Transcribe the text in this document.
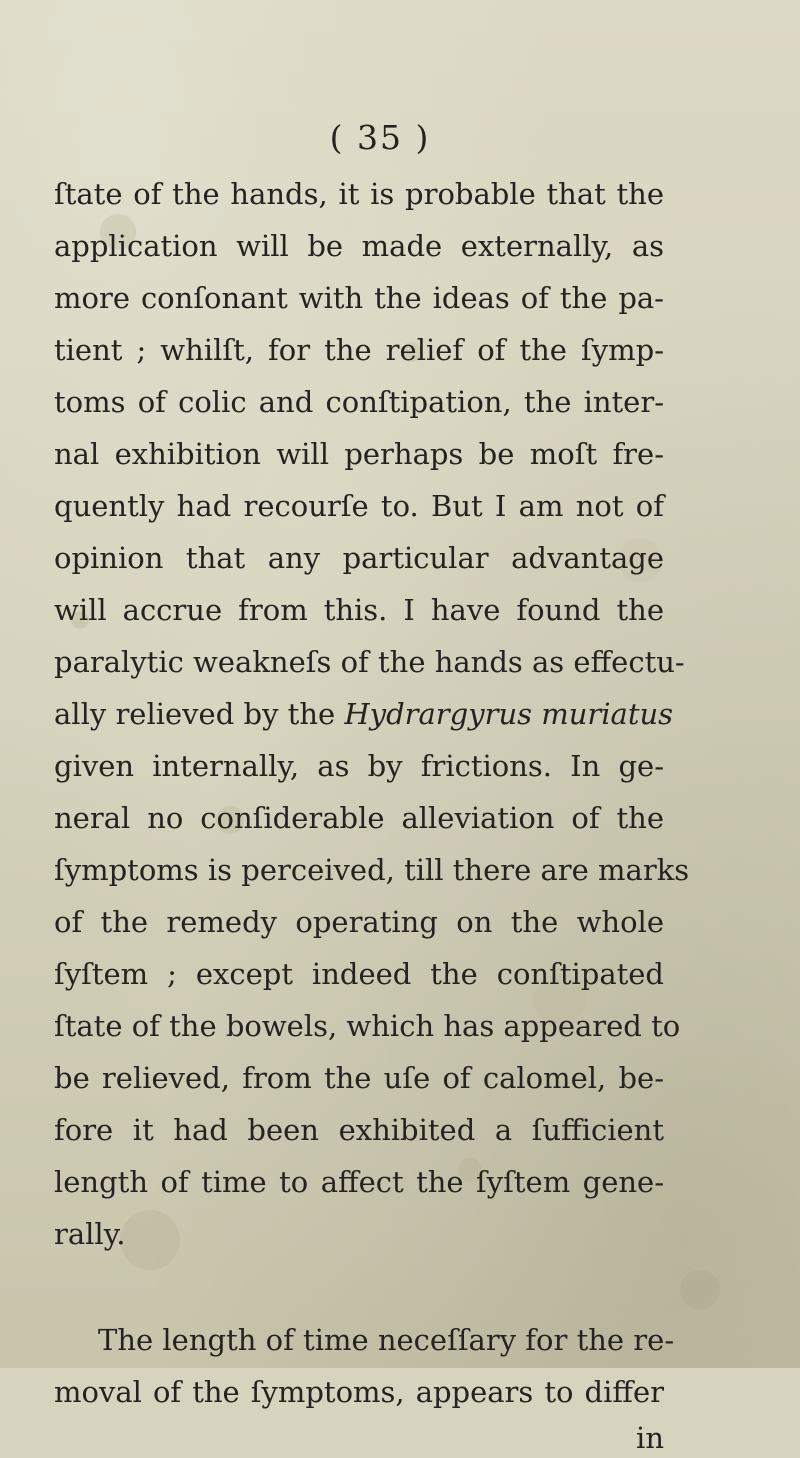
( 35 )
ſtate of the hands, it is probable that the
application will be made externally, as
more conſonant with the ideas of the pa-
tient ; whilſt, for the relief of the ſymp-
toms of colic and conſtipation, the inter-
nal exhibition will perhaps be moſt fre-
quently had recourſe to. But I am not of
opinion that any particular advantage
will accrue from this. I have found the
paralytic weakneſs of the hands as effectu-
ally relieved by the Hydrargyrus muriatus
given internally, as by frictions. In ge-
neral no conſiderable alleviation of the
ſymptoms is perceived, till there are marks
of the remedy operating on the whole
ſyſtem ; except indeed the conſtipated
ſtate of the bowels, which has appeared to
be relieved, from the uſe of calomel, be-
fore it had been exhibited a ſufficient
length of time to affect the ſyſtem gene-
rally.
The length of time neceſſary for the re-
moval of the ſymptoms, appears to differ
in
